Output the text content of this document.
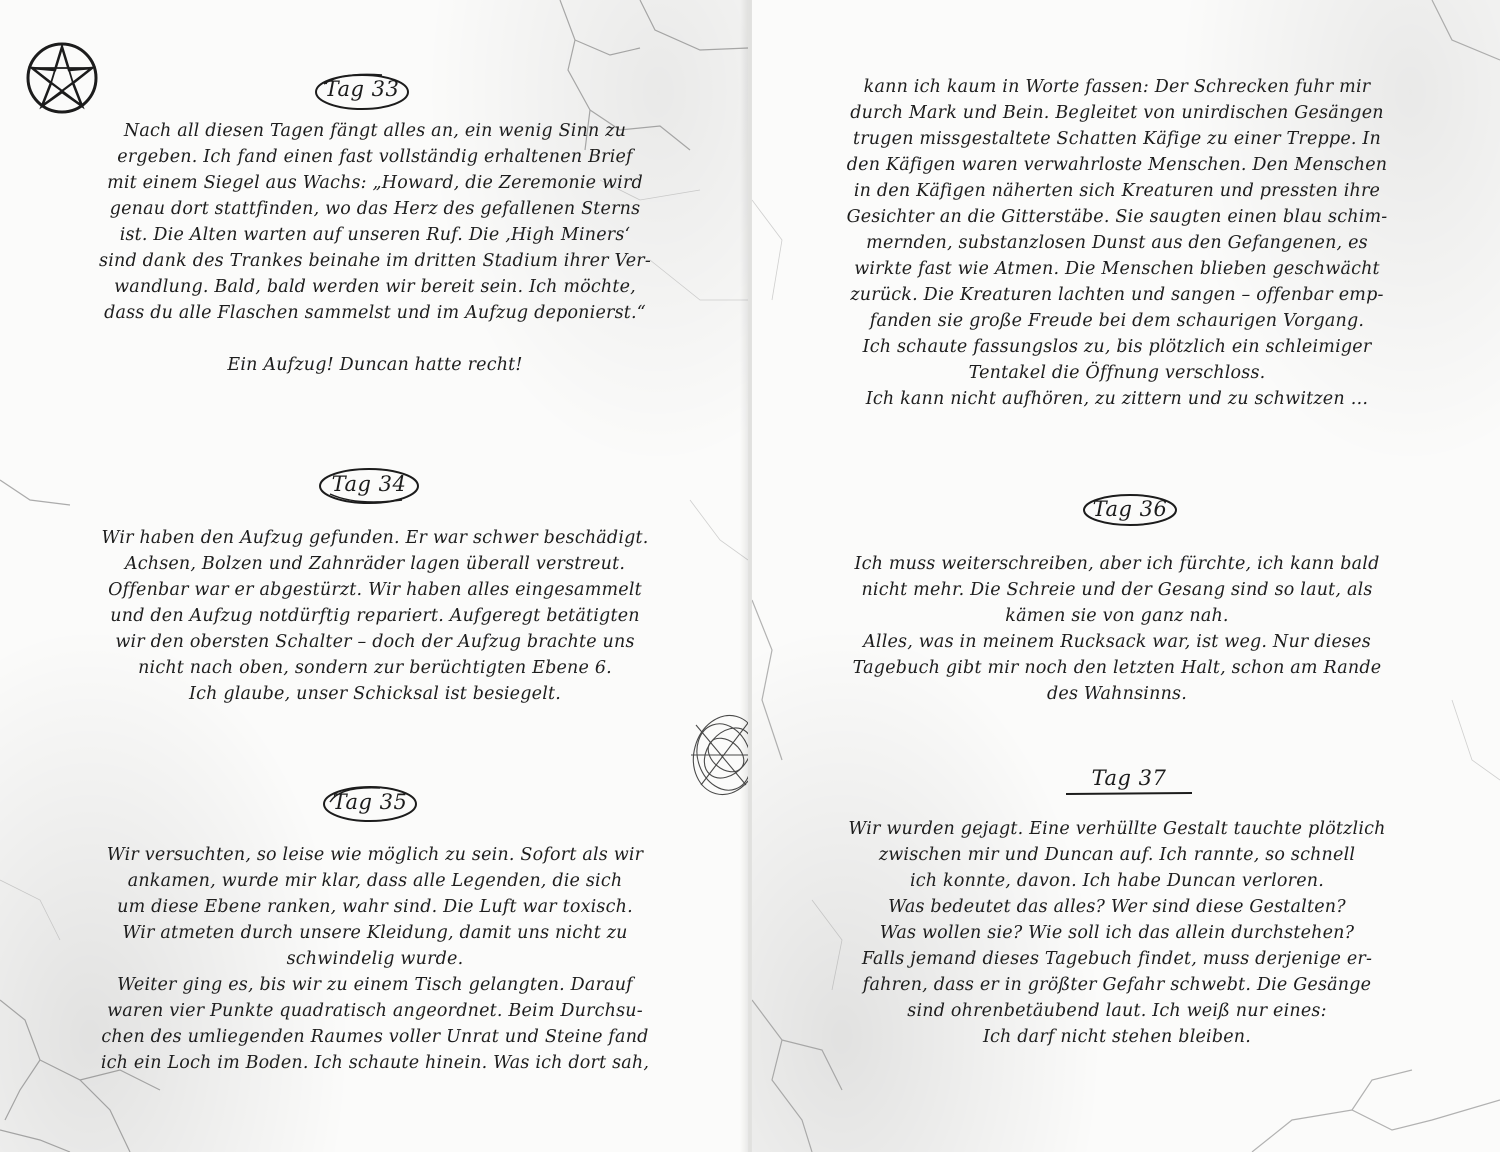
Tag 33
Nach all diesen Tagen fängt alles an, ein wenig Sinn zu
ergeben. Ich fand einen fast vollständig erhaltenen Brief
mit einem Siegel aus Wachs: „Howard, die Zeremonie wird
genau dort stattfinden, wo das Herz des gefallenen Sterns
ist. Die Alten warten auf unseren Ruf. Die ‚High Miners‘
sind dank des Trankes beinahe im dritten Stadium ihrer Ver-
wandlung. Bald, bald werden wir bereit sein. Ich möchte,
dass du alle Flaschen sammelst und im Aufzug deponierst.“
Ein Aufzug! Duncan hatte recht!
Tag 34
Wir haben den Aufzug gefunden. Er war schwer beschädigt.
Achsen, Bolzen und Zahnräder lagen überall verstreut.
Offenbar war er abgestürzt. Wir haben alles eingesammelt
und den Aufzug notdürftig repariert. Aufgeregt betätigten
wir den obersten Schalter – doch der Aufzug brachte uns
nicht nach oben, sondern zur berüchtigten Ebene 6.
Ich glaube, unser Schicksal ist besiegelt.
Tag 35
Wir versuchten, so leise wie möglich zu sein. Sofort als wir
ankamen, wurde mir klar, dass alle Legenden, die sich
um diese Ebene ranken, wahr sind. Die Luft war toxisch.
Wir atmeten durch unsere Kleidung, damit uns nicht zu
schwindelig wurde.
Weiter ging es, bis wir zu einem Tisch gelangten. Darauf
waren vier Punkte quadratisch angeordnet. Beim Durchsu-
chen des umliegenden Raumes voller Unrat und Steine fand
ich ein Loch im Boden. Ich schaute hinein. Was ich dort sah,
kann ich kaum in Worte fassen: Der Schrecken fuhr mir
durch Mark und Bein. Begleitet von unirdischen Gesängen
trugen missgestaltete Schatten Käfige zu einer Treppe. In
den Käfigen waren verwahrloste Menschen. Den Menschen
in den Käfigen näherten sich Kreaturen und pressten ihre
Gesichter an die Gitterstäbe. Sie saugten einen blau schim-
mernden, substanzlosen Dunst aus den Gefangenen, es
wirkte fast wie Atmen. Die Menschen blieben geschwächt
zurück. Die Kreaturen lachten und sangen – offenbar emp-
fanden sie große Freude bei dem schaurigen Vorgang.
Ich schaute fassungslos zu, bis plötzlich ein schleimiger
Tentakel die Öffnung verschloss.
Ich kann nicht aufhören, zu zittern und zu schwitzen …
Tag 36
Ich muss weiterschreiben, aber ich fürchte, ich kann bald
nicht mehr. Die Schreie und der Gesang sind so laut, als
kämen sie von ganz nah.
Alles, was in meinem Rucksack war, ist weg. Nur dieses
Tagebuch gibt mir noch den letzten Halt, schon am Rande
des Wahnsinns.
Tag 37
Wir wurden gejagt. Eine verhüllte Gestalt tauchte plötzlich
zwischen mir und Duncan auf. Ich rannte, so schnell
ich konnte, davon. Ich habe Duncan verloren.
Was bedeutet das alles? Wer sind diese Gestalten?
Was wollen sie? Wie soll ich das allein durchstehen?
Falls jemand dieses Tagebuch findet, muss derjenige er-
fahren, dass er in größter Gefahr schwebt. Die Gesänge
sind ohrenbetäubend laut. Ich weiß nur eines:
Ich darf nicht stehen bleiben.
